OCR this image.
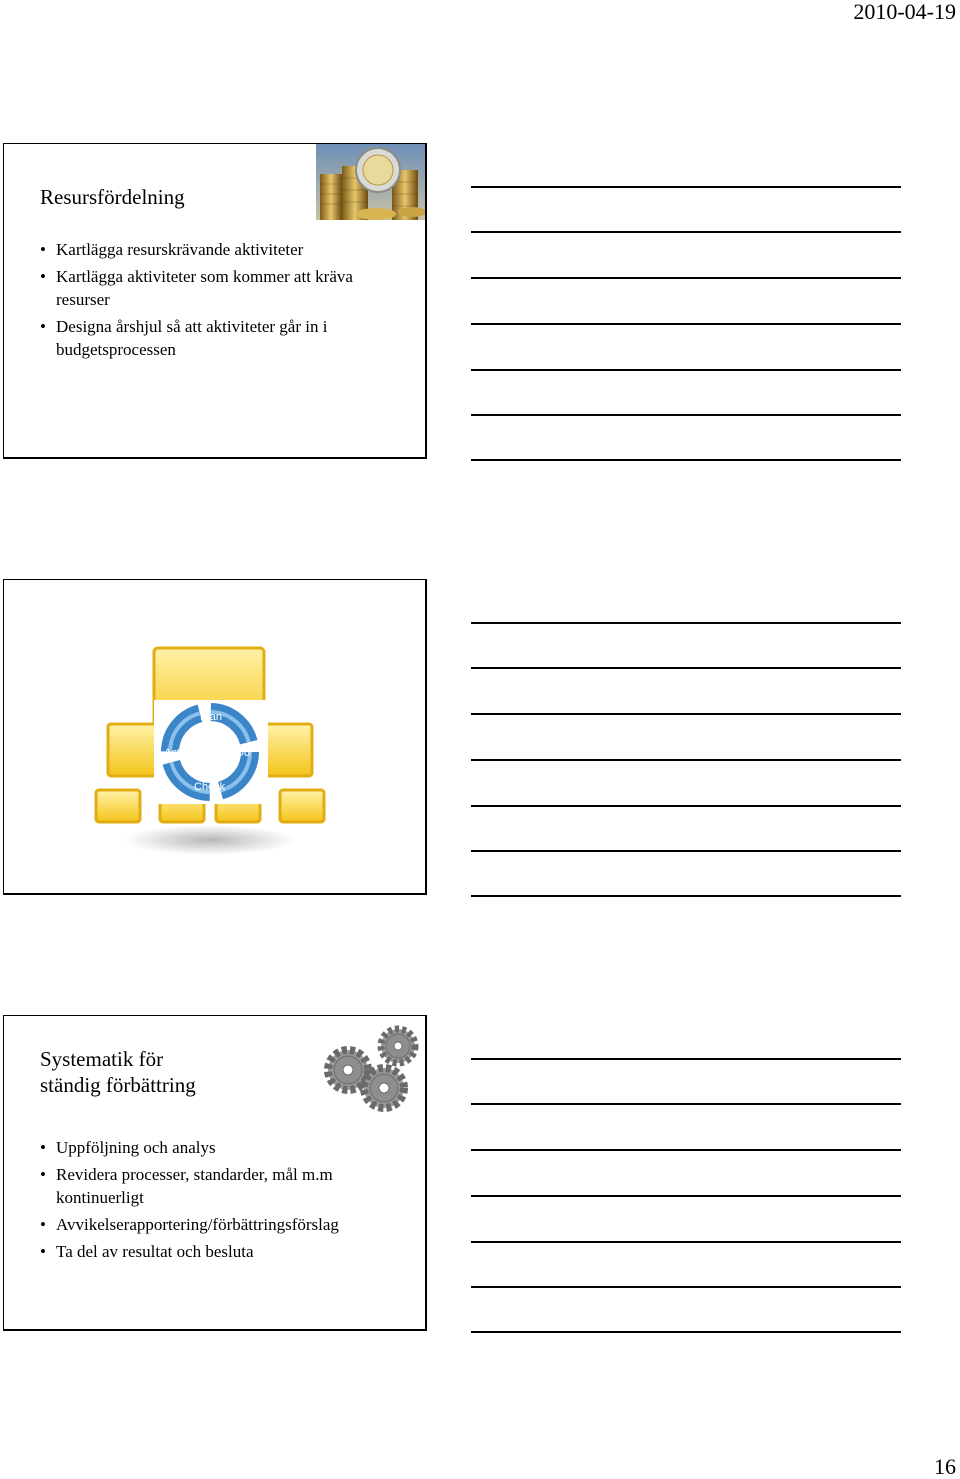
2010-04-19
Resursfördelning
• Kartlägga resurskrävande aktiviteter
• Kartlägga aktiviteter som kommer att kräva resurser
• Designa årshjul så att aktiviteter går in i budgetsprocessen
Plan
Do
Check
Act
Systematik för
ständig förbättring
• Uppföljning och analys
• Revidera processer, standarder, mål m.m kontinuerligt
• Avvikelserapportering/förbättringsförslag
• Ta del av resultat och besluta
16
